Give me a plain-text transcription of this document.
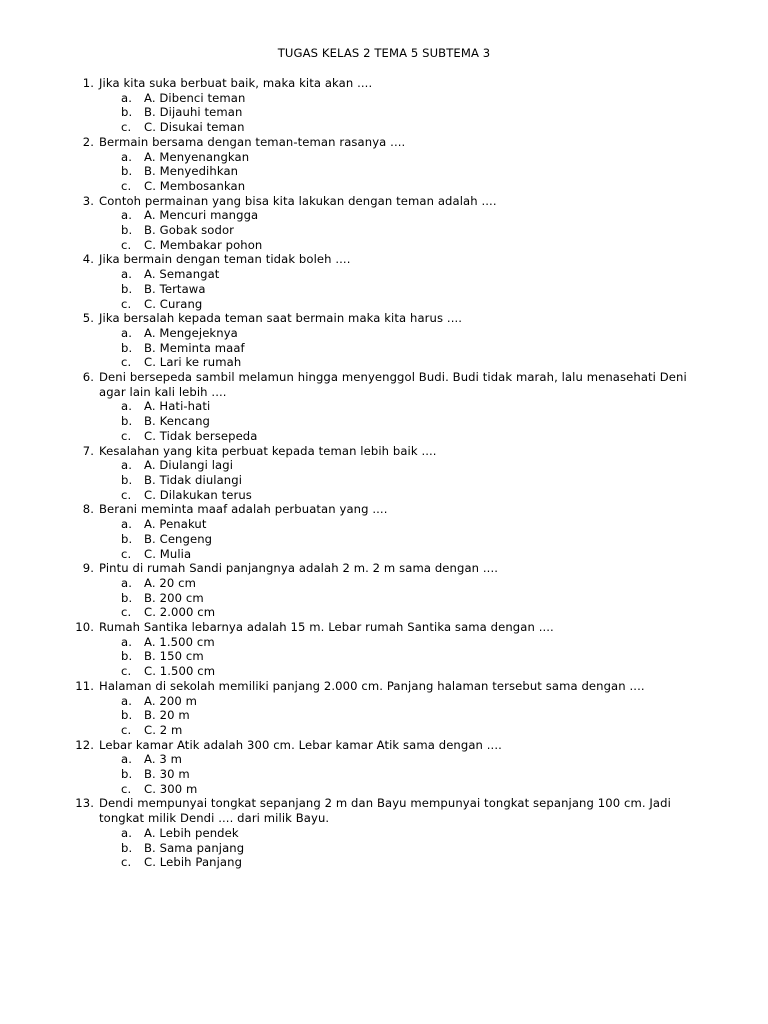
TUGAS KELAS 2 TEMA 5 SUBTEMA 3
1. Jika kita suka berbuat baik, maka kita akan ....
a.	A. Dibenci teman
b.	B. Dijauhi teman
c.	C. Disukai teman
2. Bermain bersama dengan teman-teman rasanya ....
a.	A. Menyenangkan
b.	B. Menyedihkan
c.	C. Membosankan
3. Contoh permainan yang bisa kita lakukan dengan teman adalah ....
a.	A. Mencuri mangga
b.	B. Gobak sodor
c.	C. Membakar pohon
4. Jika bermain dengan teman tidak boleh ....
a.	A. Semangat
b.	B. Tertawa
c.	C. Curang
5. Jika bersalah kepada teman saat bermain maka kita harus ....
a.	A. Mengejeknya
b.	B. Meminta maaf
c.	C. Lari ke rumah
6. Deni bersepeda sambil melamun hingga menyenggol Budi. Budi tidak marah, lalu menasehati Deni agar lain kali lebih ....
a.	A. Hati-hati
b.	B. Kencang
c.	C. Tidak bersepeda
7. Kesalahan yang kita perbuat kepada teman lebih baik ....
a.	A. Diulangi lagi
b.	B. Tidak diulangi
c.	C. Dilakukan terus
8. Berani meminta maaf adalah perbuatan yang ....
a.	A. Penakut
b.	B. Cengeng
c.	C. Mulia
9. Pintu di rumah Sandi panjangnya adalah 2 m. 2 m sama dengan ....
a.	A. 20 cm
b.	B. 200 cm
c.	C. 2.000 cm
10. Rumah Santika lebarnya adalah 15 m. Lebar rumah Santika sama dengan ....
a.	A. 1.500 cm
b.	B. 150 cm
c.	C. 1.500 cm
11. Halaman di sekolah memiliki panjang 2.000 cm. Panjang halaman tersebut sama dengan ....
a.	A. 200 m
b.	B. 20 m
c.	C. 2 m
12. Lebar kamar Atik adalah 300 cm. Lebar kamar Atik sama dengan ....
a.	A. 3 m
b.	B. 30 m
c.	C. 300 m
13. Dendi mempunyai tongkat sepanjang 2 m dan Bayu mempunyai tongkat sepanjang 100 cm. Jadi tongkat milik Dendi .... dari milik Bayu.
a.	A. Lebih pendek
b.	B. Sama panjang
c.	C. Lebih Panjang
